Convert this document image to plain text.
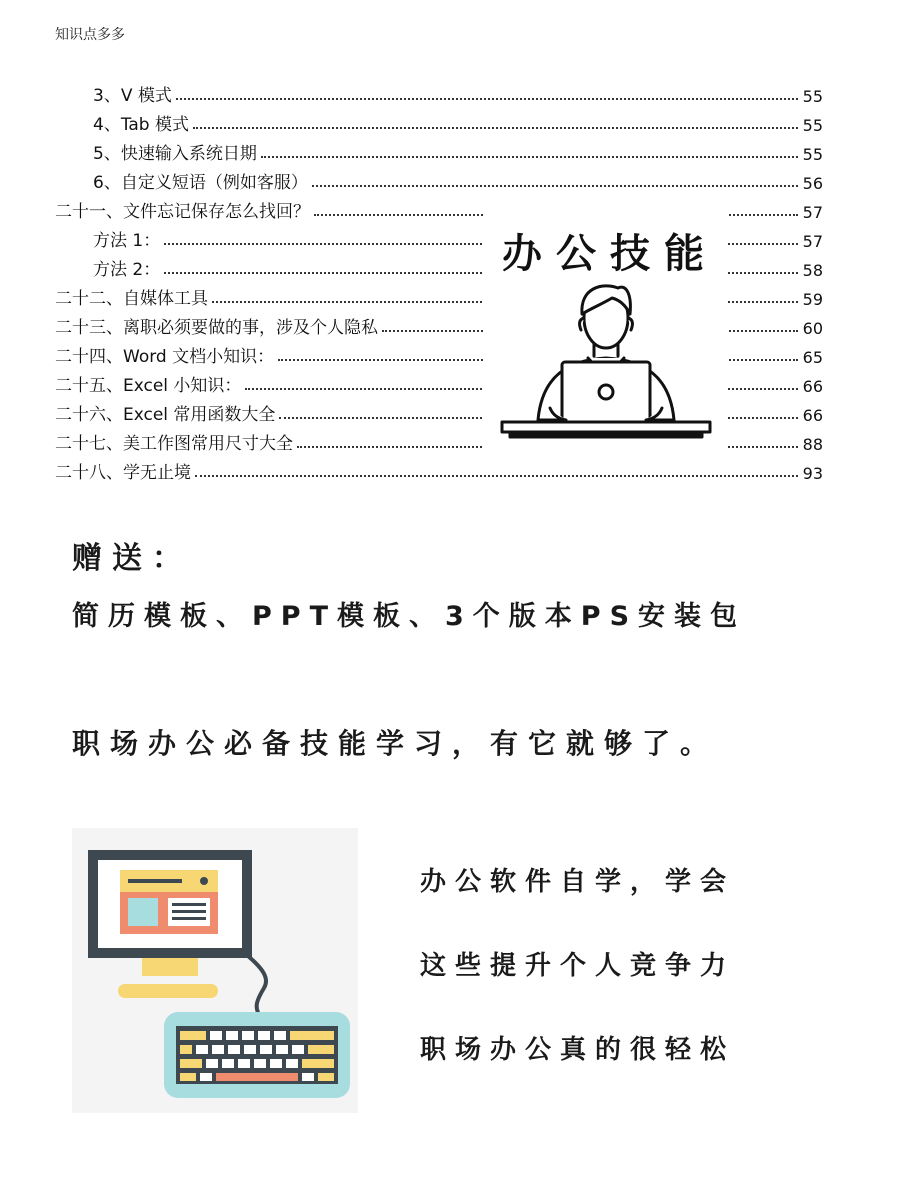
知识点多多
3、V 模式	55
4、Tab 模式	55
5、快速输入系统日期	55
6、自定义短语（例如客服）	56
二十一、文件忘记保存怎么找回？	57
方法 1：	57
方法 2：	58
二十二、自媒体工具	59
二十三、离职必须要做的事，涉及个人隐私	60
二十四、Word 文档小知识：	65
二十五、Excel 小知识：	66
二十六、Excel 常用函数大全	66
二十七、美工作图常用尺寸大全	88
二十八、学无止境	93
办公技能
赠送：
简历模板、PPT模板、3个版本PS安装包
职场办公必备技能学习，有它就够了。
办公软件自学，学会
这些提升个人竞争力
职场办公真的很轻松
